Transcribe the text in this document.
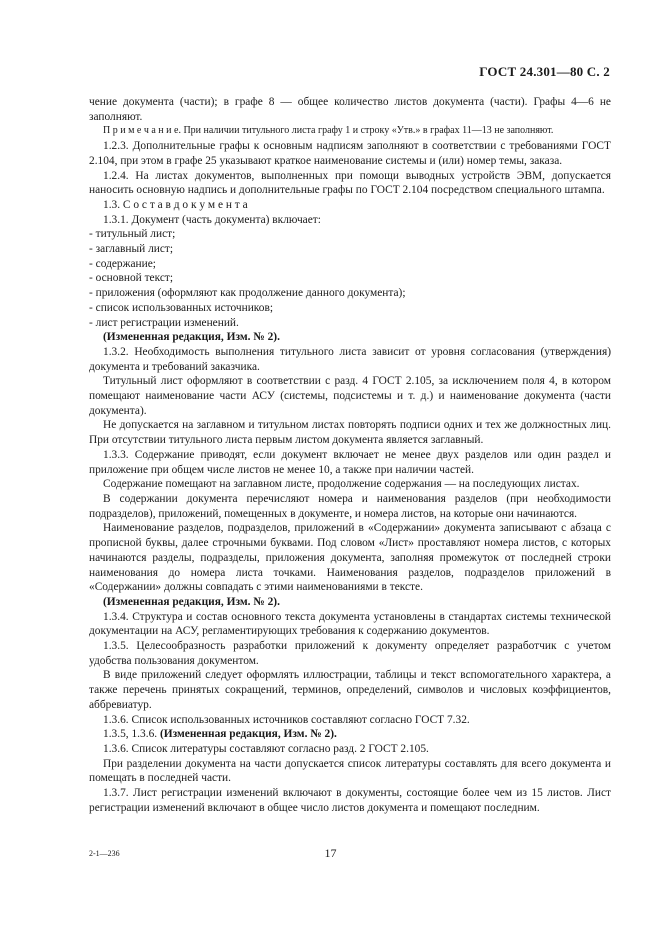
ГОСТ 24.301—80 С. 2

чение документа (части); в графе 8 — общее количество листов документа (части). Графы 4—6 не заполняют.

П р и м е ч а н и е. При наличии титульного листа графу 1 и строку «Утв.» в графах 11—13 не заполняют.

1.2.3. Дополнительные графы к основным надписям заполняют в соответствии с требованиями ГОСТ 2.104, при этом в графе 25 указывают краткое наименование системы и (или) номер темы, заказа.

1.2.4. На листах документов, выполненных при помощи выводных устройств ЭВМ, допускается наносить основную надпись и дополнительные графы по ГОСТ 2.104 посредством специального штампа.

1.3. С о с т а в д о к у м е н т а

1.3.1. Документ (часть документа) включает:

- титульный лист;

- заглавный лист;

- содержание;

- основной текст;

- приложения (оформляют как продолжение данного документа);

- список использованных источников;

- лист регистрации изменений.

(Измененная редакция, Изм. № 2).

1.3.2. Необходимость выполнения титульного листа зависит от уровня согласования (утверждения) документа и требований заказчика.

Титульный лист оформляют в соответствии с разд. 4 ГОСТ 2.105, за исключением поля 4, в котором помещают наименование части АСУ (системы, подсистемы и т. д.) и наименование документа (части документа).

Не допускается на заглавном и титульном листах повторять подписи одних и тех же должностных лиц. При отсутствии титульного листа первым листом документа является заглавный.

1.3.3. Содержание приводят, если документ включает не менее двух разделов или один раздел и приложение при общем числе листов не менее 10, а также при наличии частей.

Содержание помещают на заглавном листе, продолжение содержания — на последующих листах.

В содержании документа перечисляют номера и наименования разделов (при необходимости подразделов), приложений, помещенных в документе, и номера листов, на которые они начинаются.

Наименование разделов, подразделов, приложений в «Содержании» документа записывают с абзаца с прописной буквы, далее строчными буквами. Под словом «Лист» проставляют номера листов, с которых начинаются разделы, подразделы, приложения документа, заполняя промежуток от последней строки наименования до номера листа точками. Наименования разделов, подразделов приложений в «Содержании» должны совпадать с этими наименованиями в тексте.

(Измененная редакция, Изм. № 2).

1.3.4. Структура и состав основного текста документа установлены в стандартах системы технической документации на АСУ, регламентирующих требования к содержанию документов.

1.3.5. Целесообразность разработки приложений к документу определяет разработчик с учетом удобства пользования документом.

В виде приложений следует оформлять иллюстрации, таблицы и текст вспомогательного характера, а также перечень принятых сокращений, терминов, определений, символов и числовых коэффициентов, аббревиатур.

1.3.6. Список использованных источников составляют согласно ГОСТ 7.32.

1.3.5, 1.3.6. (Измененная редакция, Изм. № 2).

1.3.6. Список литературы составляют согласно разд. 2 ГОСТ 2.105.

При разделении документа на части допускается список литературы составлять для всего документа и помещать в последней части.

1.3.7. Лист регистрации изменений включают в документы, состоящие более чем из 15 листов. Лист регистрации изменений включают в общее число листов документа и помещают последним.

2-1—236	17
